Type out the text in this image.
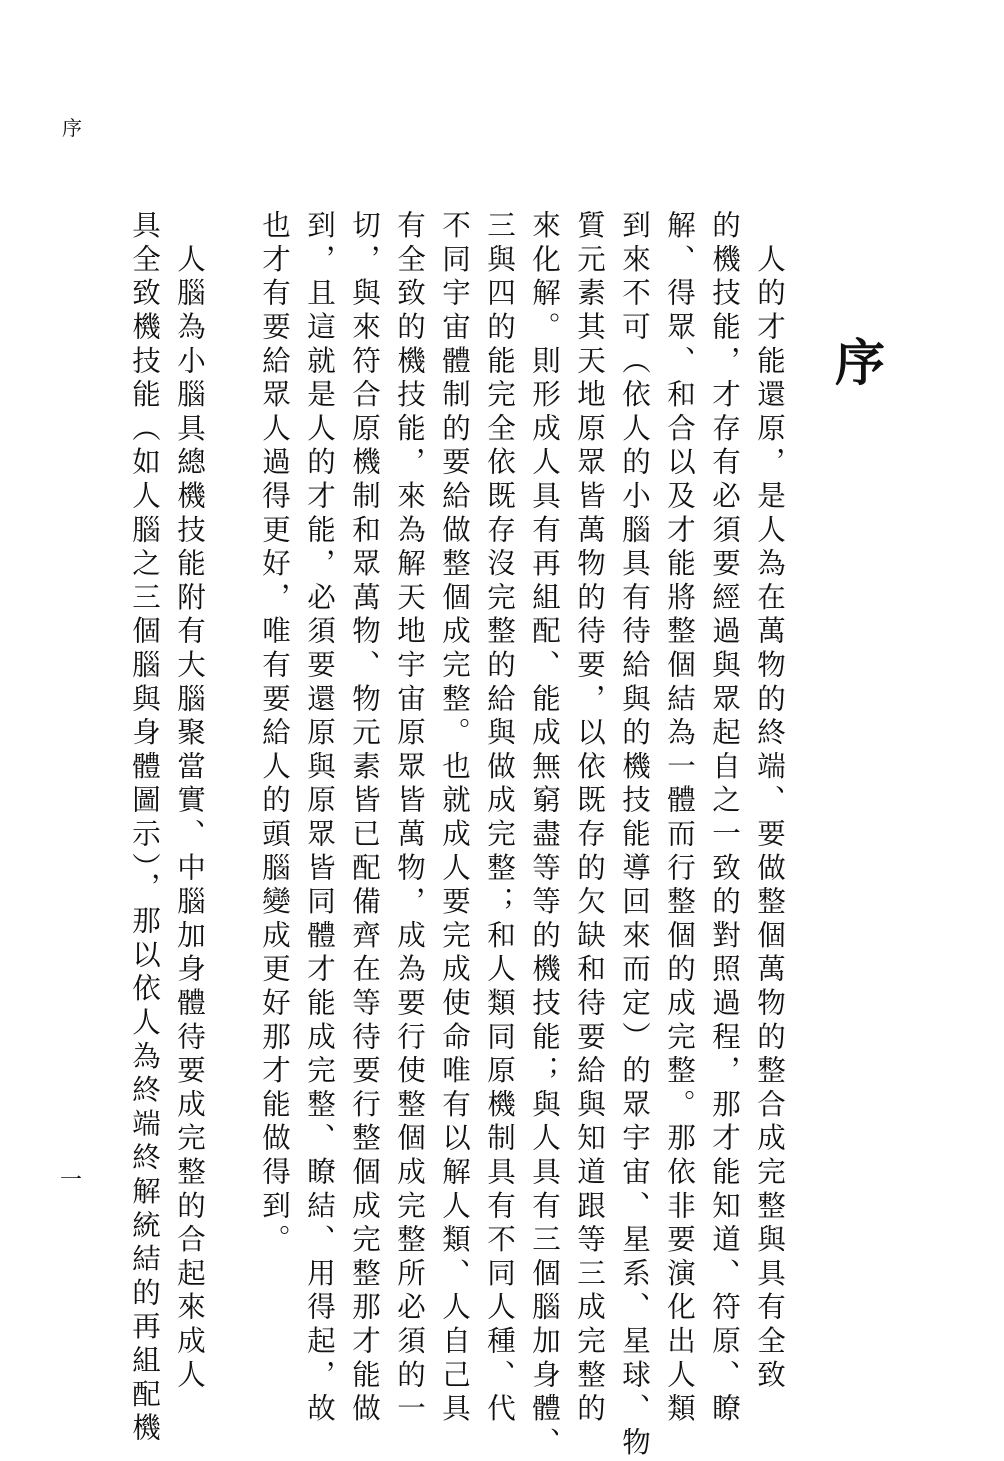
序
序
　人的才能還原，是人為在萬物的終端、要做整個萬物的整合成完整與具有全致
的機技能，才存有必須要經過與眾起自之一致的對照過程，那才能知道、符原、瞭
解、得眾、和合以及才能將整個結為一體而行整個的成完整。那依非要演化出人類
到來不可（依人的小腦具有待給與的機技能導回來而定）的眾宇宙、星系、星球、物
質元素其天地原眾皆萬物的待要，以依既存的欠缺和待要給與知道跟等三成完整的
來化解。則形成人具有再組配、能成無窮盡等等的機技能；與人具有三個腦加身體、
三與四的能完全依既存沒完整的給與做成完整；和人類同原機制具有不同人種、代
不同宇宙體制的要給做整個成完整。也就成人要完成使命唯有以解人類、人自己具
有全致的機技能，來為解天地宇宙原眾皆萬物，成為要行使整個成完整所必須的一
切，與來符合原機制和眾萬物、物元素皆已配備齊在等待要行整個成完整那才能做
到，且這就是人的才能，必須要還原與原眾皆同體才能成完整、瞭結、用得起，故
也才有要給眾人過得更好，唯有要給人的頭腦變成更好那才能做得到。
　人腦為小腦具總機技能附有大腦聚當實、中腦加身體待要成完整的合起來成人
具全致機技能（如人腦之三個腦與身體圖示），那以依人為終端終解統結的再組配機
一
